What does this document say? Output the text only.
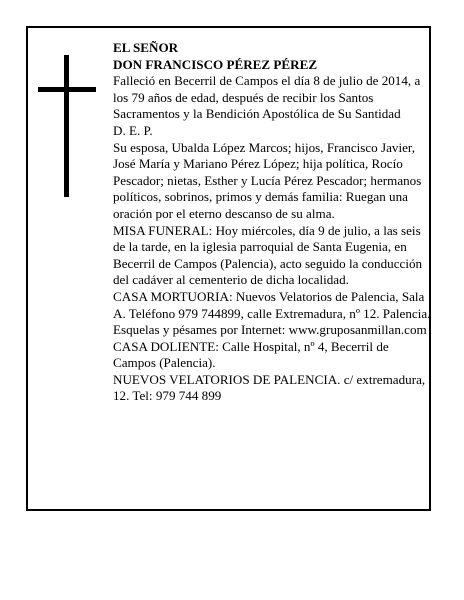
EL SEÑOR

DON FRANCISCO PÉREZ PÉREZ

Falleció en Becerril de Campos el día 8 de julio de 2014, a los 79 años de edad, después de recibir los Santos Sacramentos y la Bendición Apostólica de Su Santidad

D. E. P.

Su esposa, Ubalda López Marcos; hijos, Francisco Javier, José María y Mariano Pérez López; hija política, Rocío Pescador; nietas, Esther y Lucía Pérez Pescador; hermanos políticos, sobrinos, primos y demás familia: Ruegan una oración por el eterno descanso de su alma.

MISA FUNERAL: Hoy miércoles, día 9 de julio, a las seis de la tarde, en la iglesia parroquial de Santa Eugenia, en Becerril de Campos (Palencia), acto seguido la conducción del cadáver al cementerio de dicha localidad.

CASA MORTUORIA: Nuevos Velatorios de Palencia, Sala A. Teléfono 979 744899, calle Extremadura, nº 12. Palencia. Esquelas y pésames por Internet: www.gruposanmillan.com

CASA DOLIENTE: Calle Hospital, nº 4, Becerril de Campos (Palencia).

NUEVOS VELATORIOS DE PALENCIA. c/ extremadura, 12. Tel: 979 744 899
